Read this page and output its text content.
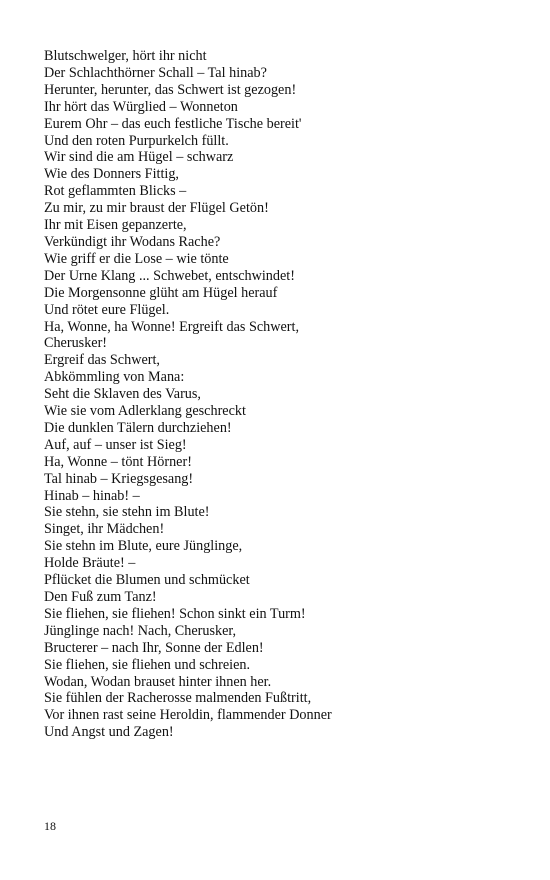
Blutschwelger, hört ihr nicht
Der Schlachthörner Schall – Tal hinab?
Herunter, herunter, das Schwert ist gezogen!
Ihr hört das Würglied – Wonneton
Eurem Ohr – das euch festliche Tische bereit'
Und den roten Purpurkelch füllt.
Wir sind die am Hügel – schwarz
Wie des Donners Fittig,
Rot geflammten Blicks –
Zu mir, zu mir braust der Flügel Getön!
Ihr mit Eisen gepanzerte,
Verkündigt ihr Wodans Rache?
Wie griff er die Lose – wie tönte
Der Urne Klang ... Schwebet, entschwindet!
Die Morgensonne glüht am Hügel herauf
Und rötet eure Flügel.
Ha, Wonne, ha Wonne! Ergreift das Schwert,
Cherusker!
Ergreif das Schwert,
Abkömmling von Mana:
Seht die Sklaven des Varus,
Wie sie vom Adlerklang geschreckt
Die dunklen Tälern durchziehen!
Auf, auf – unser ist Sieg!
Ha, Wonne – tönt Hörner!
Tal hinab – Kriegsgesang!
Hinab – hinab! –
Sie stehn, sie stehn im Blute!
Singet, ihr Mädchen!
Sie stehn im Blute, eure Jünglinge,
Holde Bräute! –
Pflücket die Blumen und schmücket
Den Fuß zum Tanz!
Sie fliehen, sie fliehen! Schon sinkt ein Turm!
Jünglinge nach! Nach, Cherusker,
Bructerer – nach Ihr, Sonne der Edlen!
Sie fliehen, sie fliehen und schreien.
Wodan, Wodan brauset hinter ihnen her.
Sie fühlen der Racherosse malmenden Fußtritt,
Vor ihnen rast seine Heroldin, flammender Donner
Und Angst und Zagen!
18
